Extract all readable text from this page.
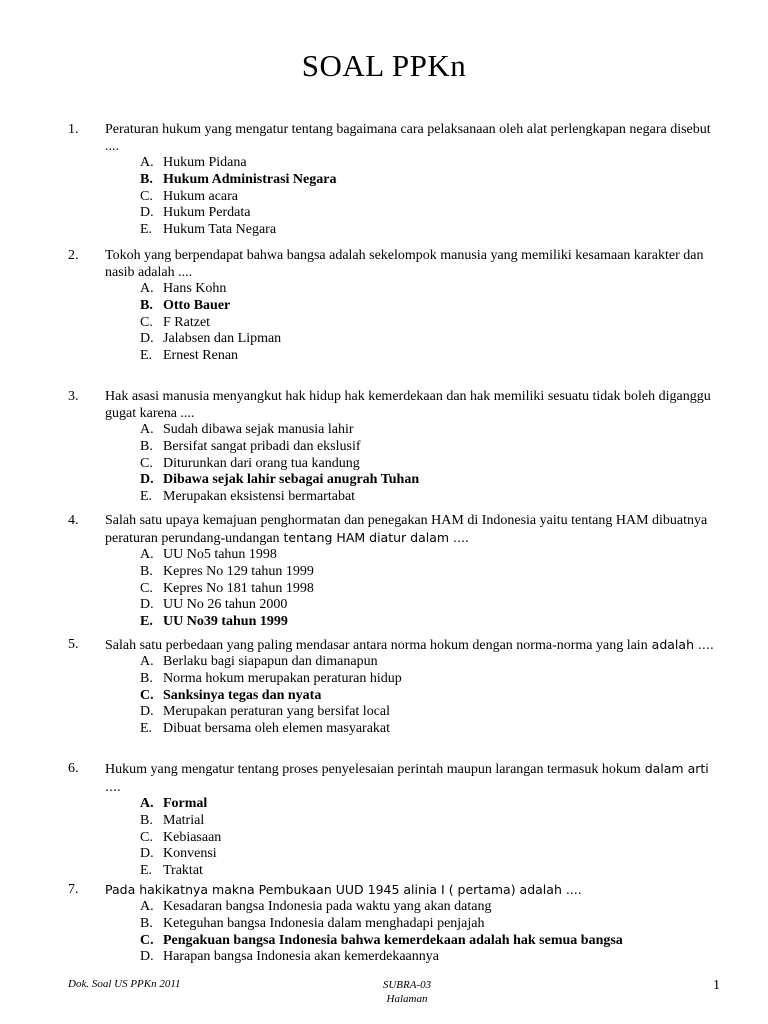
SOAL PPKn
1. Peraturan hukum yang mengatur tentang bagaimana cara pelaksanaan oleh alat perlengkapan negara disebut ....
A. Hukum Pidana
B. Hukum Administrasi Negara
C. Hukum acara
D. Hukum Perdata
E. Hukum Tata Negara
2. Tokoh yang berpendapat bahwa bangsa adalah sekelompok manusia yang memiliki kesamaan karakter dan nasib adalah ....
A. Hans Kohn
B. Otto Bauer
C. F Ratzet
D. Jalabsen dan Lipman
E. Ernest Renan
3. Hak asasi manusia menyangkut hak hidup hak kemerdekaan dan hak memiliki sesuatu tidak boleh diganggu gugat karena ....
A. Sudah dibawa sejak manusia lahir
B. Bersifat sangat pribadi dan ekslusif
C. Diturunkan dari orang tua kandung
D. Dibawa sejak lahir sebagai anugrah Tuhan
E. Merupakan eksistensi bermartabat
4. Salah satu upaya kemajuan penghormatan dan penegakan HAM di Indonesia yaitu tentang HAM dibuatnya peraturan perundang-undangan tentang HAM diatur dalam ....
A. UU No5 tahun 1998
B. Kepres No 129 tahun 1999
C. Kepres No 181 tahun 1998
D. UU No 26 tahun 2000
E. UU No39 tahun 1999
5. Salah satu perbedaan yang paling mendasar antara norma hokum dengan norma-norma yang lain adalah ....
A. Berlaku bagi siapapun dan dimanapun
B. Norma hokum merupakan peraturan hidup
C. Sanksinya tegas dan nyata
D. Merupakan peraturan yang bersifat local
E. Dibuat bersama oleh elemen masyarakat
6. Hukum yang mengatur tentang proses penyelesaian perintah maupun larangan termasuk hokum dalam arti ....
A. Formal
B. Matrial
C. Kebiasaan
D. Konvensi
E. Traktat
7. Pada hakikatnya makna Pembukaan UUD 1945 alinia I ( pertama) adalah ....
A. Kesadaran bangsa Indonesia pada waktu yang akan datang
B. Keteguhan bangsa Indonesia dalam menghadapi penjajah
C. Pengakuan bangsa Indonesia bahwa kemerdekaan adalah hak semua bangsa
D. Harapan bangsa Indonesia akan kemerdekaannya
Dok. Soal US PPKn 2011	SUBRA-03
Halaman
1
